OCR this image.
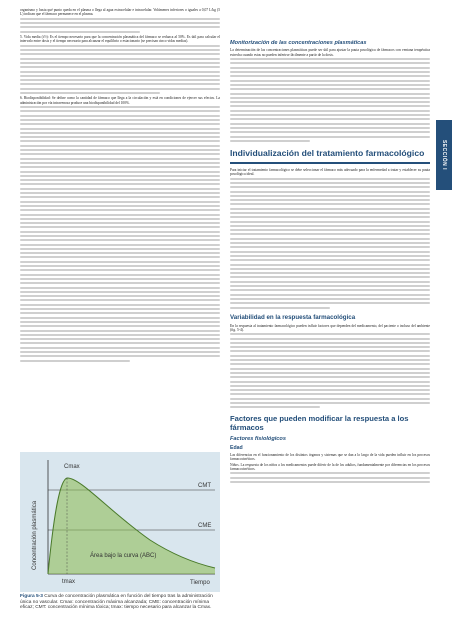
organismo y hasta qué punto queda en el plasma o llega al agua extracelular e intracelular. Volúmenes inferiores o iguales a 0,07 L/kg (5 L) indican que el fármaco permanece en el plasma.

5. Vida media (t½): Es el tiempo necesario para que la concentración plasmática del fármaco se reduzca al 50%. Es útil para calcular el intervalo entre dosis y el tiempo necesario para alcanzar el equilibrio o estacionario (se precisan cinco vidas medias).

6. Biodisponibilidad: Se define como la cantidad de fármaco que llega a la circulación y está en condiciones de ejercer sus efectos. La administración por vía intravenosa produce una biodisponibilidad del 100%.

Cmax
CMT
CME
Área bajo la curva (ABC)
tmax	Tiempo
Concentración plasmática
Figura 5-3 Curva de concentración plasmática en función del tiempo tras la administración única no vascular. Cmax: concentración máxima alcanzada; CME: concentración mínima eficaz; CMT: concentración mínima tóxica; tmax: tiempo necesario para alcanzar la Cmax.
Monitorización de las concentraciones plasmáticas

La determinación de las concentraciones plasmáticas puede ser útil para ajustar la pauta posológica de fármacos con ventana terapéutica estrecha cuando estas no pueden inferirse fácilmente a partir de la dosis.

Individualización del tratamiento farmacológico

Para iniciar el tratamiento farmacológico se debe seleccionar el fármaco más adecuado para la enfermedad a tratar y establecer su pauta posológica ideal.

Variabilidad en la respuesta farmacológica

En la respuesta al tratamiento farmacológico pueden influir factores que dependen del medicamento, del paciente o incluso del ambiente (fig. 5-4).

Factores que pueden modificar la respuesta a los fármacos
Factores fisiológicos
Edad

Las diferencias en el funcionamiento de los distintos órganos y sistemas que se dan a lo largo de la vida pueden influir en los procesos farmacocinéticos.

Niños. La respuesta de los niños a los medicamentos puede diferir de la de los adultos, fundamentalmente por diferencias en los procesos farmacocinéticos.

SECCIÓN I
